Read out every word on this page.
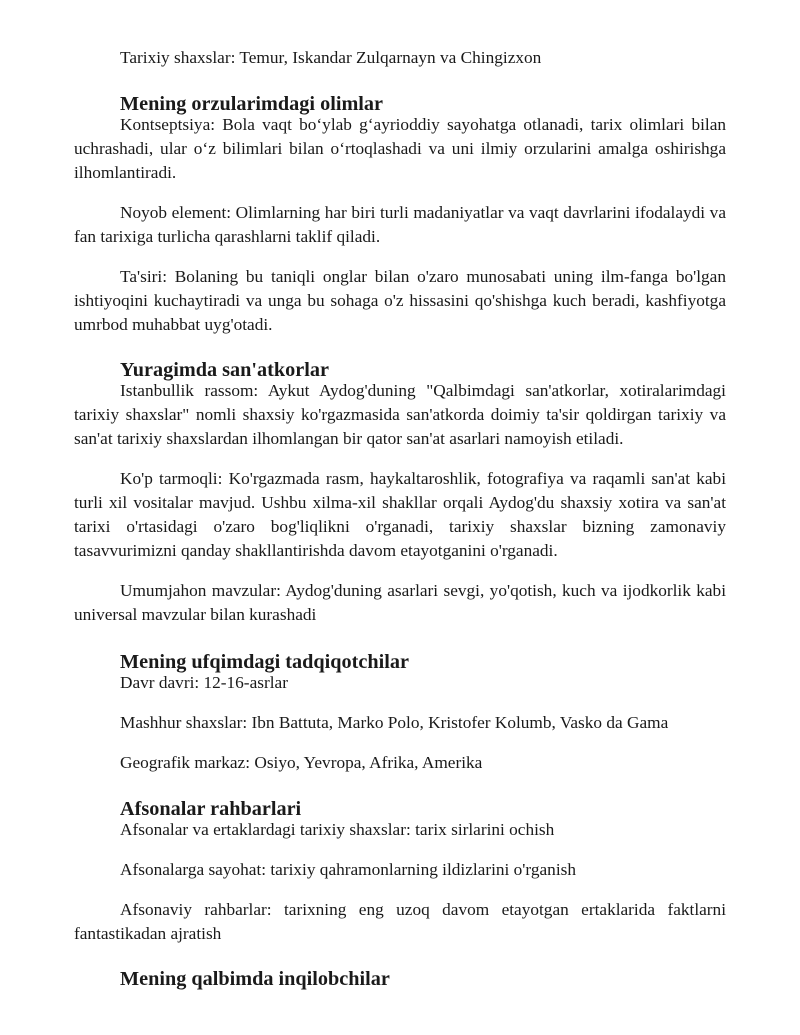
Tarixiy shaxslar: Temur, Iskandar Zulqarnayn va Chingizxon

Mening orzularimdagi olimlar

Kontseptsiya: Bola vaqt bo‘ylab g‘ayrioddiy sayohatga otlanadi, tarix olimlari bilan uchrashadi, ular o‘z bilimlari bilan o‘rtoqlashadi va uni ilmiy orzularini amalga oshirishga ilhomlantiradi.

Noyob element: Olimlarning har biri turli madaniyatlar va vaqt davrlarini ifodalaydi va fan tarixiga turlicha qarashlarni taklif qiladi.

Ta'siri: Bolaning bu taniqli onglar bilan o'zaro munosabati uning ilm-fanga bo'lgan ishtiyoqini kuchaytiradi va unga bu sohaga o'z hissasini qo'shishga kuch beradi, kashfiyotga umrbod muhabbat uyg'otadi.

Yuragimda san'atkorlar

Istanbullik rassom: Aykut Aydog'duning "Qalbimdagi san'atkorlar, xotiralarimdagi tarixiy shaxslar" nomli shaxsiy ko'rgazmasida san'atkorda doimiy ta'sir qoldirgan tarixiy va san'at tarixiy shaxslardan ilhomlangan bir qator san'at asarlari namoyish etiladi.

Ko'p tarmoqli: Ko'rgazmada rasm, haykaltaroshlik, fotografiya va raqamli san'at kabi turli xil vositalar mavjud. Ushbu xilma-xil shakllar orqali Aydog'du shaxsiy xotira va san'at tarixi o'rtasidagi o'zaro bog'liqlikni o'rganadi, tarixiy shaxslar bizning zamonaviy tasavvurimizni qanday shakllantirishda davom etayotganini o'rganadi.

Umumjahon mavzular: Aydog'duning asarlari sevgi, yo'qotish, kuch va ijodkorlik kabi universal mavzular bilan kurashadi

Mening ufqimdagi tadqiqotchilar

Davr davri: 12-16-asrlar

Mashhur shaxslar: Ibn Battuta, Marko Polo, Kristofer Kolumb, Vasko da Gama

Geografik markaz: Osiyo, Yevropa, Afrika, Amerika

Afsonalar rahbarlari

Afsonalar va ertaklardagi tarixiy shaxslar: tarix sirlarini ochish

Afsonalarga sayohat: tarixiy qahramonlarning ildizlarini o'rganish

Afsonaviy rahbarlar: tarixning eng uzoq davom etayotgan ertaklarida faktlarni fantastikadan ajratish

Mening qalbimda inqilobchilar
